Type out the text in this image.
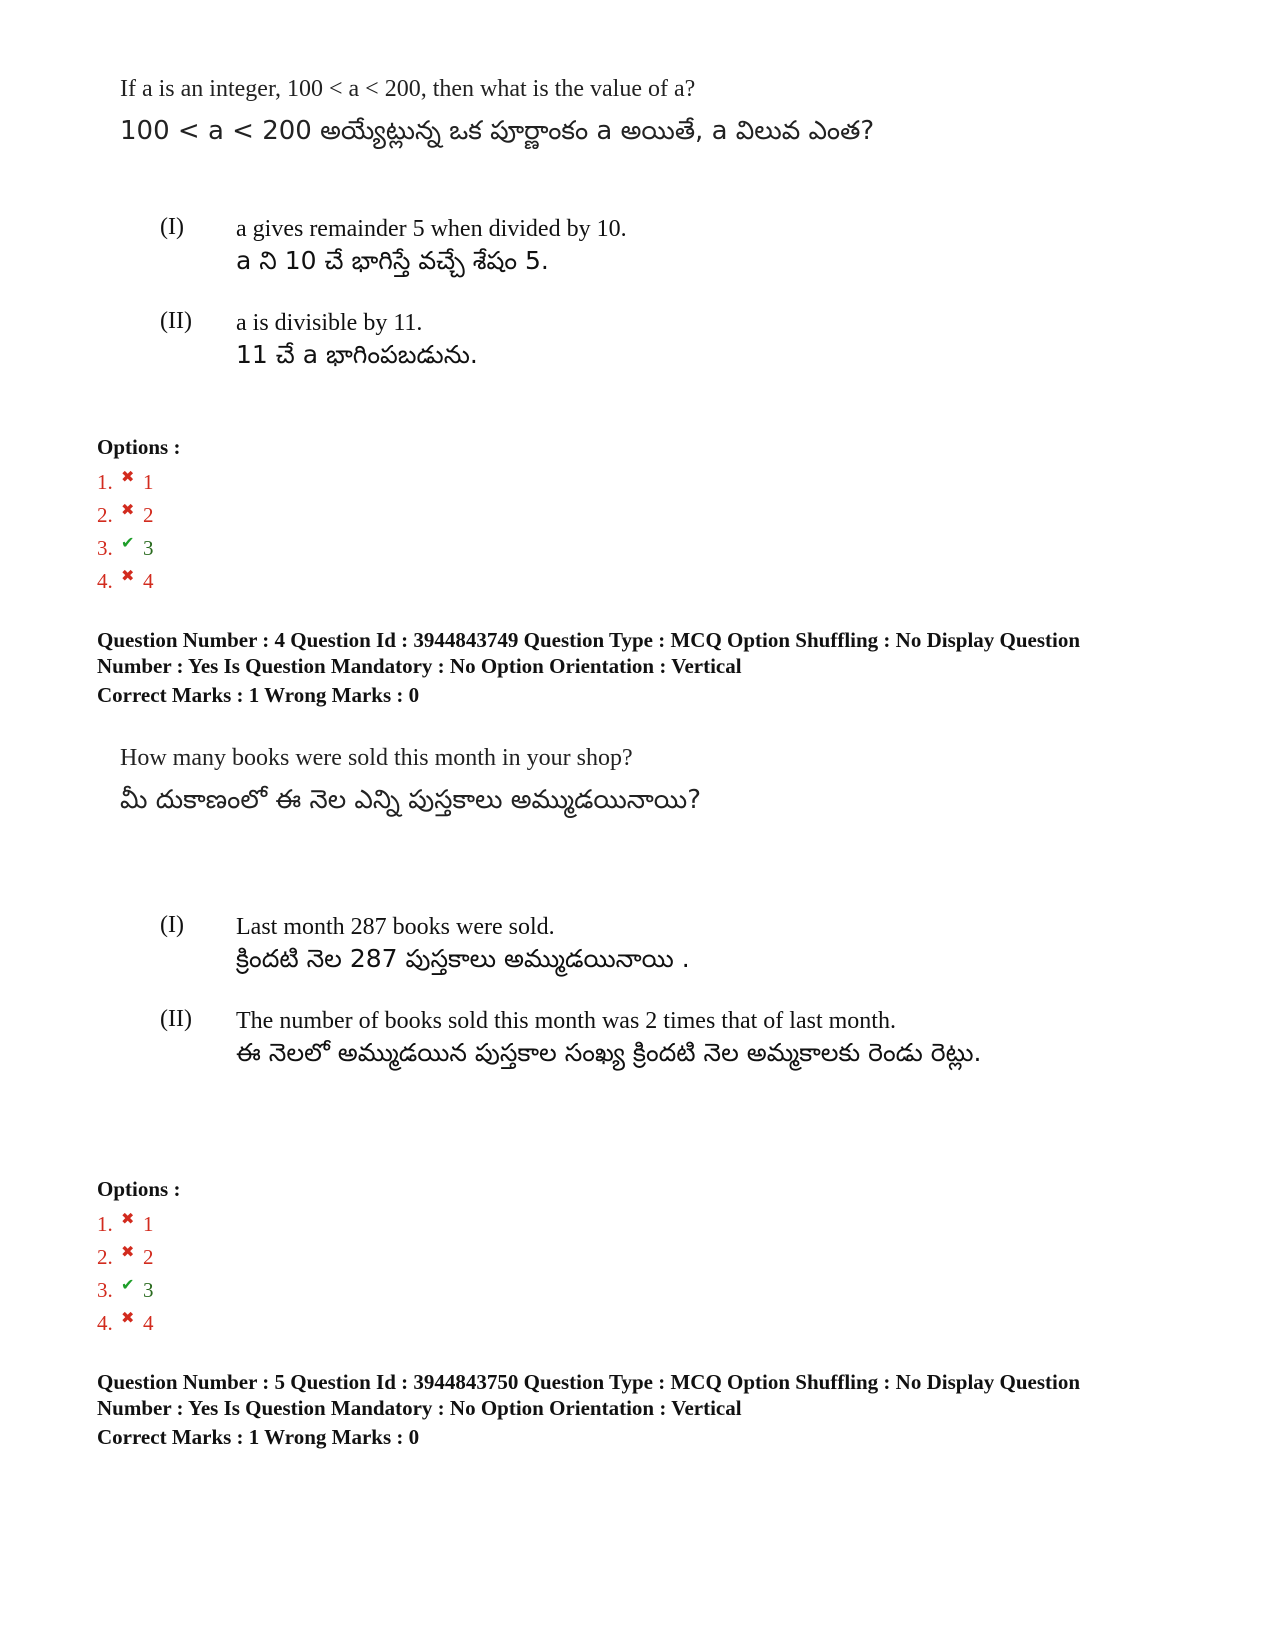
If a is an integer, 100 < a < 200, then what is the value of a?
100 < a < 200 అయ్యేట్లున్న ఒక పూర్ణాంకం a అయితే, a విలువ ఎంత?
(I) a gives remainder 5 when divided by 10.
a ని 10 చే భాగిస్తే వచ్చే శేషం 5.
(II) a is divisible by 11.
11 చే a భాగింపబడును.
Options :
1. ✖ 1
2. ✖ 2
3. ✔ 3
4. ✖ 4
Question Number : 4 Question Id : 3944843749 Question Type : MCQ Option Shuffling : No Display Question
Number : Yes Is Question Mandatory : No Option Orientation : Vertical
Correct Marks : 1 Wrong Marks : 0
How many books were sold this month in your shop?
మీ దుకాణంలో ఈ నెల ఎన్ని పుస్తకాలు అమ్ముడయినాయి?
(I) Last month 287 books were sold.
క్రిందటి నెల 287 పుస్తకాలు అమ్ముడయినాయి .
(II) The number of books sold this month was 2 times that of last month.
ఈ నెలలో అమ్ముడయిన పుస్తకాల సంఖ్య క్రిందటి నెల అమ్మకాలకు రెండు రెట్లు.
Options :
1. ✖ 1
2. ✖ 2
3. ✔ 3
4. ✖ 4
Question Number : 5 Question Id : 3944843750 Question Type : MCQ Option Shuffling : No Display Question
Number : Yes Is Question Mandatory : No Option Orientation : Vertical
Correct Marks : 1 Wrong Marks : 0
